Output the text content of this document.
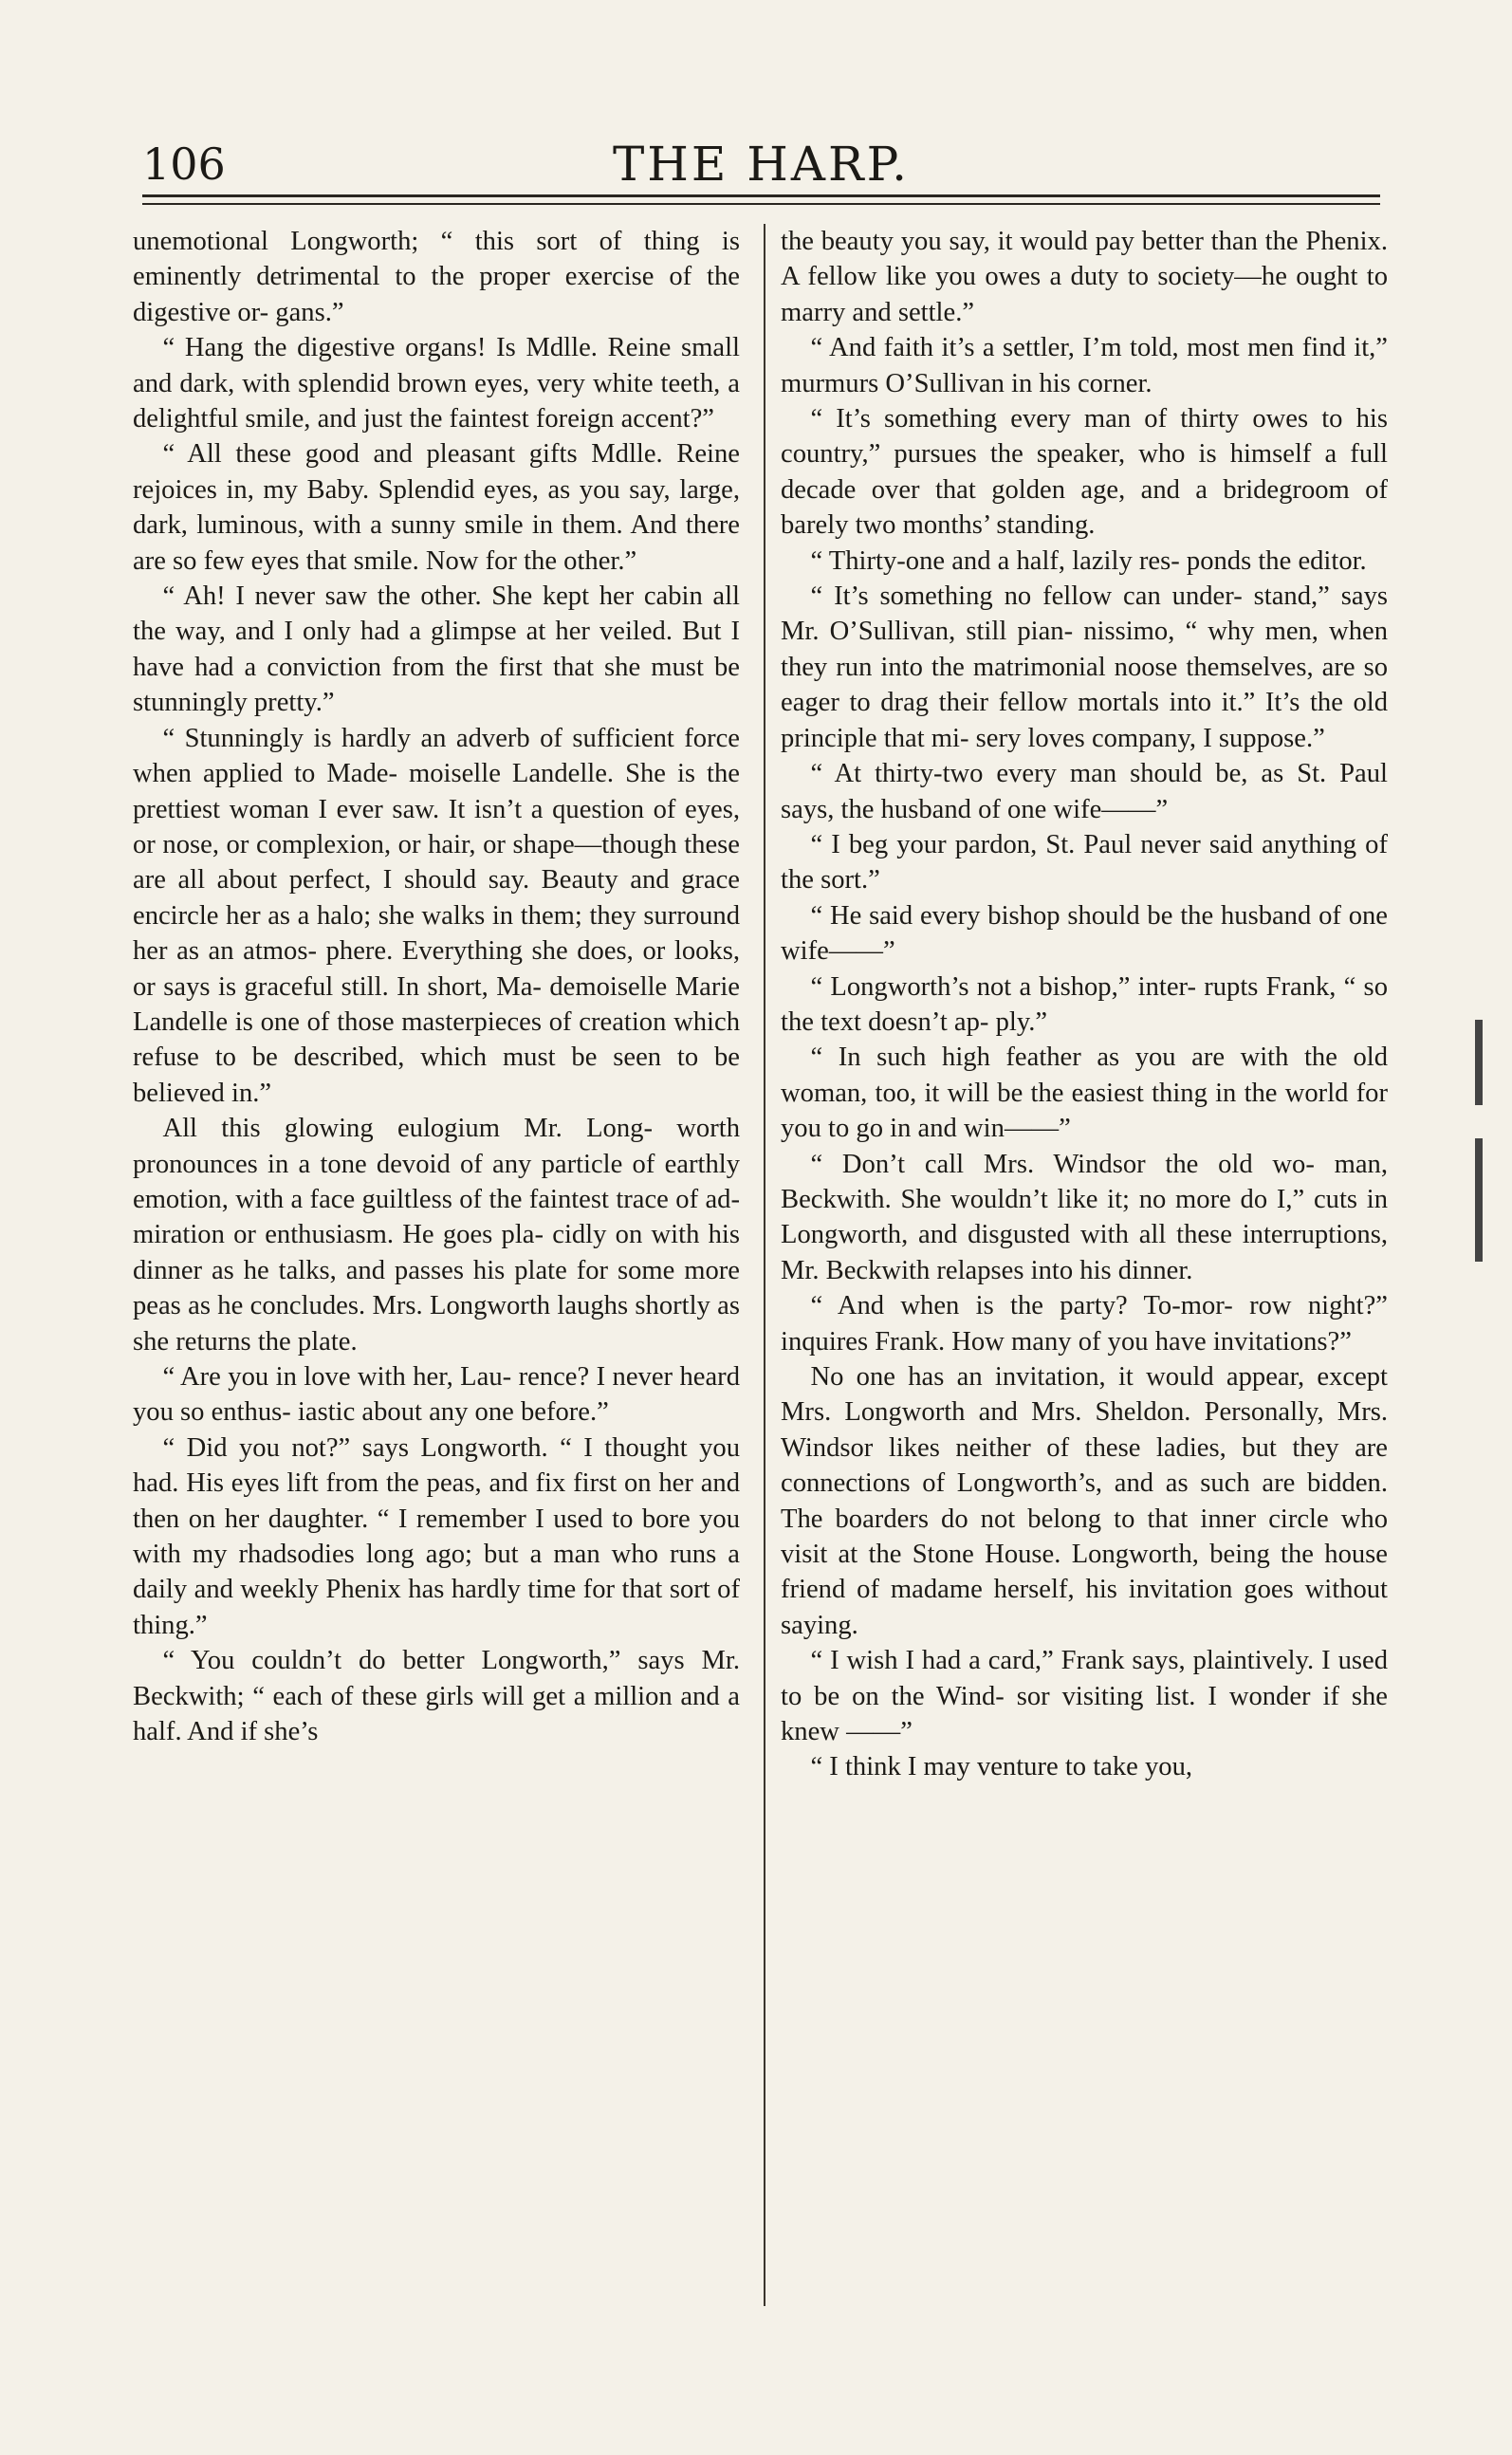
106	THE HARP.

unemotional Longworth; “ this sort of thing is eminently detrimental to the proper exercise of the digestive or- gans.”

“ Hang the digestive organs! Is Mdlle. Reine small and dark, with splendid brown eyes, very white teeth, a delightful smile, and just the faintest foreign accent?”

“ All these good and pleasant gifts Mdlle. Reine rejoices in, my Baby. Splendid eyes, as you say, large, dark, luminous, with a sunny smile in them. And there are so few eyes that smile. Now for the other.”

“ Ah! I never saw the other. She kept her cabin all the way, and I only had a glimpse at her veiled. But I have had a conviction from the first that she must be stunningly pretty.”

“ Stunningly is hardly an adverb of sufficient force when applied to Made- moiselle Landelle. She is the prettiest woman I ever saw. It isn’t a question of eyes, or nose, or complexion, or hair, or shape—though these are all about perfect, I should say. Beauty and grace encircle her as a halo; she walks in them; they surround her as an atmos- phere. Everything she does, or looks, or says is graceful still. In short, Ma- demoiselle Marie Landelle is one of those masterpieces of creation which refuse to be described, which must be seen to be believed in.”

All this glowing eulogium Mr. Long- worth pronounces in a tone devoid of any particle of earthly emotion, with a face guiltless of the faintest trace of ad- miration or enthusiasm. He goes pla- cidly on with his dinner as he talks, and passes his plate for some more peas as he concludes. Mrs. Longworth laughs shortly as she returns the plate.

“ Are you in love with her, Lau- rence? I never heard you so enthus- iastic about any one before.”

“ Did you not?” says Longworth. “ I thought you had. His eyes lift from the peas, and fix first on her and then on her daughter. “ I remember I used to bore you with my rhadsodies long ago; but a man who runs a daily and weekly Phenix has hardly time for that sort of thing.”

“ You couldn’t do better Longworth,” says Mr. Beckwith; “ each of these girls will get a million and a half. And if she’s

the beauty you say, it would pay better than the Phenix. A fellow like you owes a duty to society—he ought to marry and settle.”

“ And faith it’s a settler, I’m told, most men find it,” murmurs O’Sullivan in his corner.

“ It’s something every man of thirty owes to his country,” pursues the speaker, who is himself a full decade over that golden age, and a bridegroom of barely two months’ standing.

“ Thirty-one and a half, lazily res- ponds the editor.

“ It’s something no fellow can under- stand,” says Mr. O’Sullivan, still pian- nissimo, “ why men, when they run into the matrimonial noose themselves, are so eager to drag their fellow mortals into it.” It’s the old principle that mi- sery loves company, I suppose.”

“ At thirty-two every man should be, as St. Paul says, the husband of one wife——”

“ I beg your pardon, St. Paul never said anything of the sort.”

“ He said every bishop should be the husband of one wife——”

“ Longworth’s not a bishop,” inter- rupts Frank, “ so the text doesn’t ap- ply.”

“ In such high feather as you are with the old woman, too, it will be the easiest thing in the world for you to go in and win——”

“ Don’t call Mrs. Windsor the old wo- man, Beckwith. She wouldn’t like it; no more do I,” cuts in Longworth, and disgusted with all these interruptions, Mr. Beckwith relapses into his dinner.

“ And when is the party? To-mor- row night?” inquires Frank. How many of you have invitations?”

No one has an invitation, it would appear, except Mrs. Longworth and Mrs. Sheldon. Personally, Mrs. Windsor likes neither of these ladies, but they are connections of Longworth’s, and as such are bidden. The boarders do not belong to that inner circle who visit at the Stone House. Longworth, being the house friend of madame herself, his invitation goes without saying.

“ I wish I had a card,” Frank says, plaintively. I used to be on the Wind- sor visiting list. I wonder if she knew ——”

“ I think I may venture to take you,
